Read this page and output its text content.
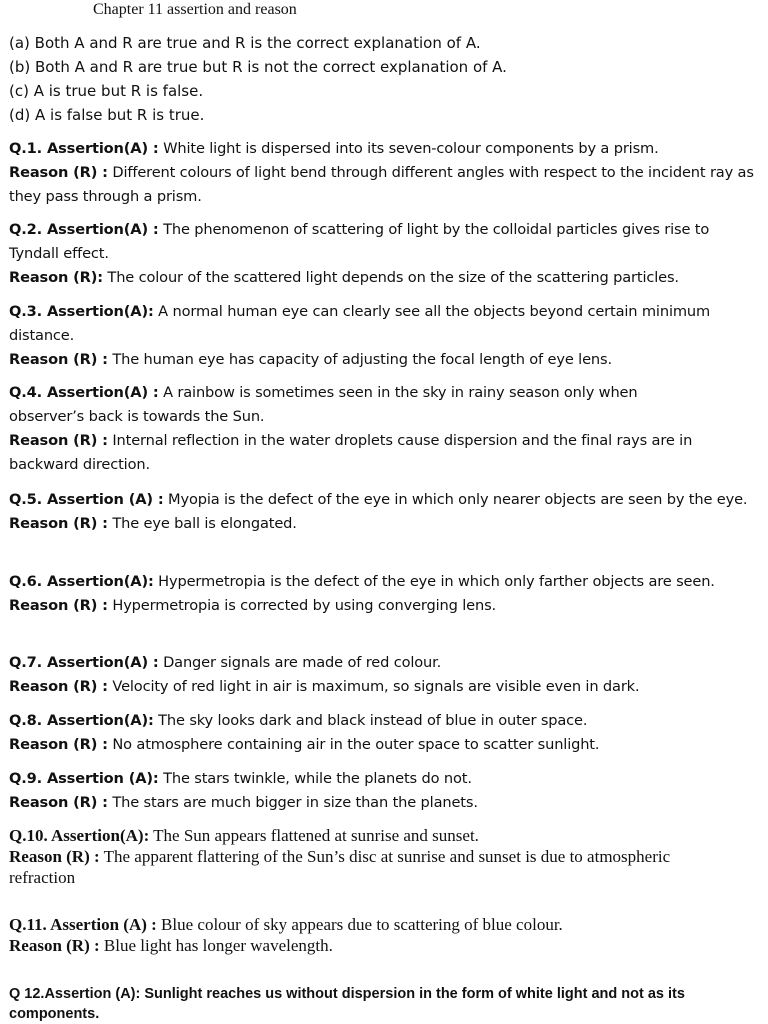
Chapter 11 assertion and reason
(a) Both A and R are true and R is the correct explanation of A.
(b) Both A and R are true but R is not the correct explanation of A.
(c) A is true but R is false.
(d) A is false but R is true.
Q.1. Assertion(A) : White light is dispersed into its seven-colour components by a prism.
Reason (R) : Different colours of light bend through different angles with respect to the incident ray as they pass through a prism.
Q.2. Assertion(A) : The phenomenon of scattering of light by the colloidal particles gives rise to Tyndall effect.
Reason (R): The colour of the scattered light depends on the size of the scattering particles.
Q.3. Assertion(A): A normal human eye can clearly see all the objects beyond certain minimum distance.
Reason (R) : The human eye has capacity of adjusting the focal length of eye lens.
Q.4. Assertion(A) : A rainbow is sometimes seen in the sky in rainy season only when observer’s back is towards the Sun.
Reason (R) : Internal reflection in the water droplets cause dispersion and the final rays are in backward direction.
Q.5. Assertion (A) : Myopia is the defect of the eye in which only nearer objects are seen by the eye.
Reason (R) : The eye ball is elongated.
Q.6. Assertion(A): Hypermetropia is the defect of the eye in which only farther objects are seen.
Reason (R) : Hypermetropia is corrected by using converging lens.
Q.7. Assertion(A) : Danger signals are made of red colour.
Reason (R) : Velocity of red light in air is maximum, so signals are visible even in dark.
Q.8. Assertion(A): The sky looks dark and black instead of blue in outer space.
Reason (R) : No atmosphere containing air in the outer space to scatter sunlight.
Q.9. Assertion (A): The stars twinkle, while the planets do not.
Reason (R) : The stars are much bigger in size than the planets.
Q.10. Assertion(A): The Sun appears flattened at sunrise and sunset.
Reason (R) : The apparent flattering of the Sun’s disc at sunrise and sunset is due to atmospheric refraction
Q.11. Assertion (A) : Blue colour of sky appears due to scattering of blue colour.
Reason (R) : Blue light has longer wavelength.
Q 12.Assertion (A): Sunlight reaches us without dispersion in the form of white light and not as its components.
